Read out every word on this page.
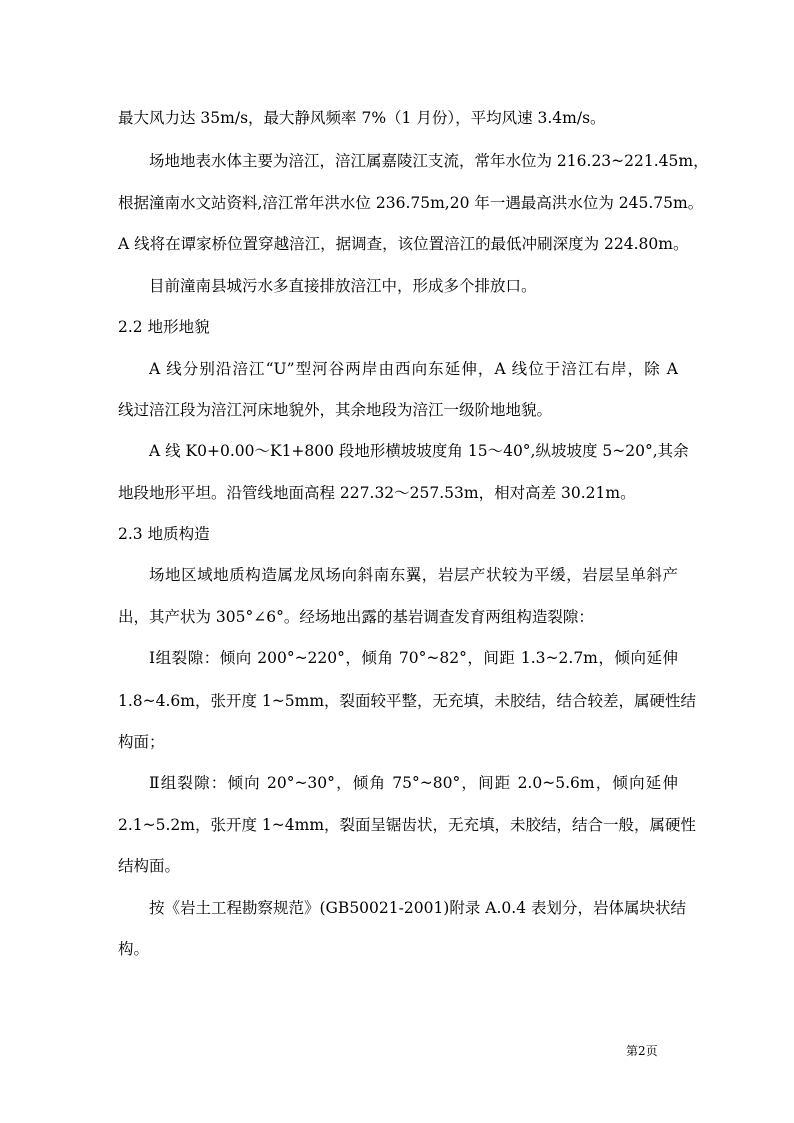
最大风力达 35m/s，最大静风频率 7%（1 月份），平均风速 3.4m/s。
场地地表水体主要为涪江，涪江属嘉陵江支流，常年水位为 216.23~221.45m，
根据潼南水文站资料,涪江常年洪水位 236.75m,20 年一遇最高洪水位为 245.75m。
A 线将在谭家桥位置穿越涪江，据调查，该位置涪江的最低冲刷深度为 224.80m。
目前潼南县城污水多直接排放涪江中，形成多个排放口。
2.2 地形地貌
A 线分别沿涪江“U”型河谷两岸由西向东延伸，A 线位于涪江右岸，除 A
线过涪江段为涪江河床地貌外，其余地段为涪江一级阶地地貌。
A 线 K0+0.00～K1+800 段地形横坡坡度角 15～40°,纵坡坡度 5~20°,其余
地段地形平坦。沿管线地面高程 227.32～257.53m，相对高差 30.21m。
2.3 地质构造
场地区域地质构造属龙凤场向斜南东翼，岩层产状较为平缓，岩层呈单斜产
出，其产状为 305°∠6°。经场地出露的基岩调查发育两组构造裂隙：
Ⅰ组裂隙：倾向 200°~220°，倾角 70°~82°，间距 1.3~2.7m，倾向延伸
1.8~4.6m，张开度 1~5mm，裂面较平整，无充填，未胶结，结合较差，属硬性结
构面；
Ⅱ组裂隙：倾向 20°~30°，倾角 75°~80°，间距 2.0~5.6m，倾向延伸
2.1~5.2m，张开度 1~4mm，裂面呈锯齿状，无充填，未胶结，结合一般，属硬性
结构面。
按《岩土工程勘察规范》(GB50021-2001)附录 A.0.4 表划分，岩体属块状结
构。
第2页
